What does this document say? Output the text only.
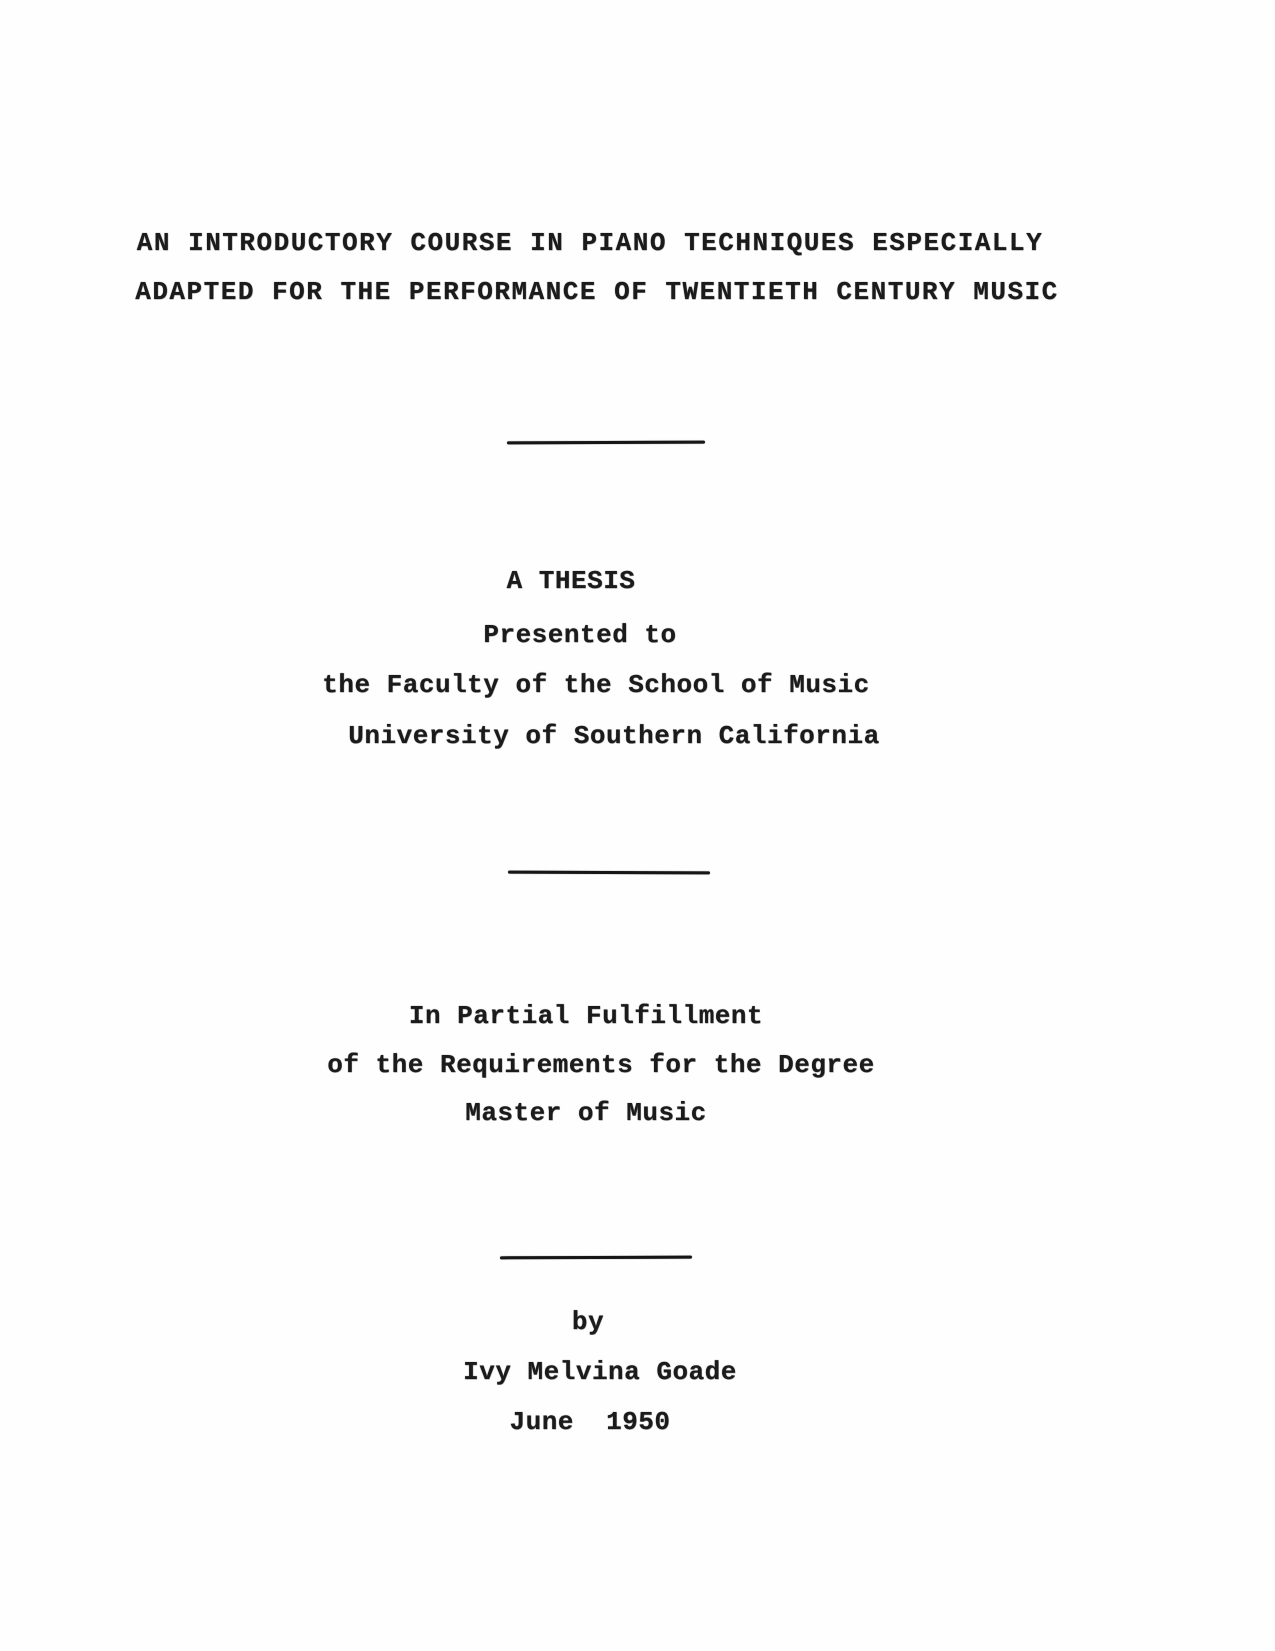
AN INTRODUCTORY COURSE IN PIANO TECHNIQUES ESPECIALLY
ADAPTED FOR THE PERFORMANCE OF TWENTIETH CENTURY MUSIC
A THESIS
Presented to
the Faculty of the School of Music
University of Southern California
In Partial Fulfillment
of the Requirements for the Degree
Master of Music
by
Ivy Melvina Goade
June  1950
